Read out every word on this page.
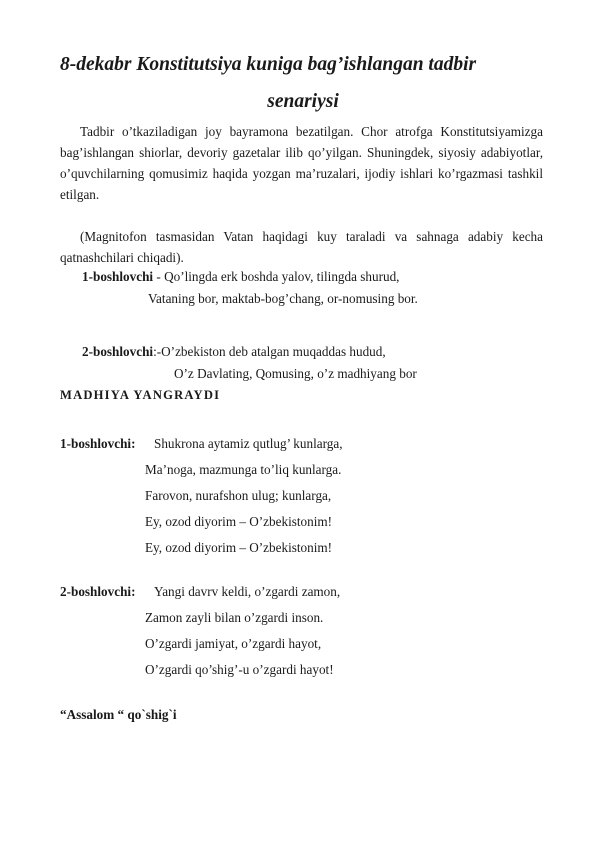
8-dekabr Konstitutsiya kuniga bag’ishlangan tadbir
senariysi
Tadbir o’tkaziladigan joy bayramona bezatilgan. Chor atrofga Konstitutsiyamizga bag’ishlangan shiorlar, devoriy gazetalar ilib qo’yilgan. Shuningdek, siyosiy adabiyotlar, o’quvchilarning qomusimiz haqida yozgan ma’ruzalari, ijodiy ishlari ko’rgazmasi tashkil etilgan.
(Magnitofon tasmasidan Vatan haqidagi kuy taraladi va sahnaga adabiy kecha qatnashchilari chiqadi).
1-boshlovchi - Qo’lingda erk boshda yalov, tilingda shurud,
Vataning bor, maktab-bog’chang, or-nomusing bor.
2-boshlovchi:-O’zbekiston deb atalgan muqaddas hudud,
O’z Davlating, Qomusing, o’z madhiyang bor
MADHIYA YANGRAYDI
1-boshlovchi: Shukrona aytamiz qutlug’ kunlarga,
Ma’noga, mazmunga to’liq kunlarga.
Farovon, nurafshon ulug; kunlarga,
Ey, ozod diyorim – O’zbekistonim!
Ey, ozod diyorim – O’zbekistonim!
2-boshlovchi: Yangi davrv keldi, o’zgardi zamon,
Zamon zayli bilan o’zgardi inson.
O’zgardi jamiyat, o’zgardi hayot,
O’zgardi qo’shig’-u o’zgardi hayot!
“Assalom “ qo`shig`i
